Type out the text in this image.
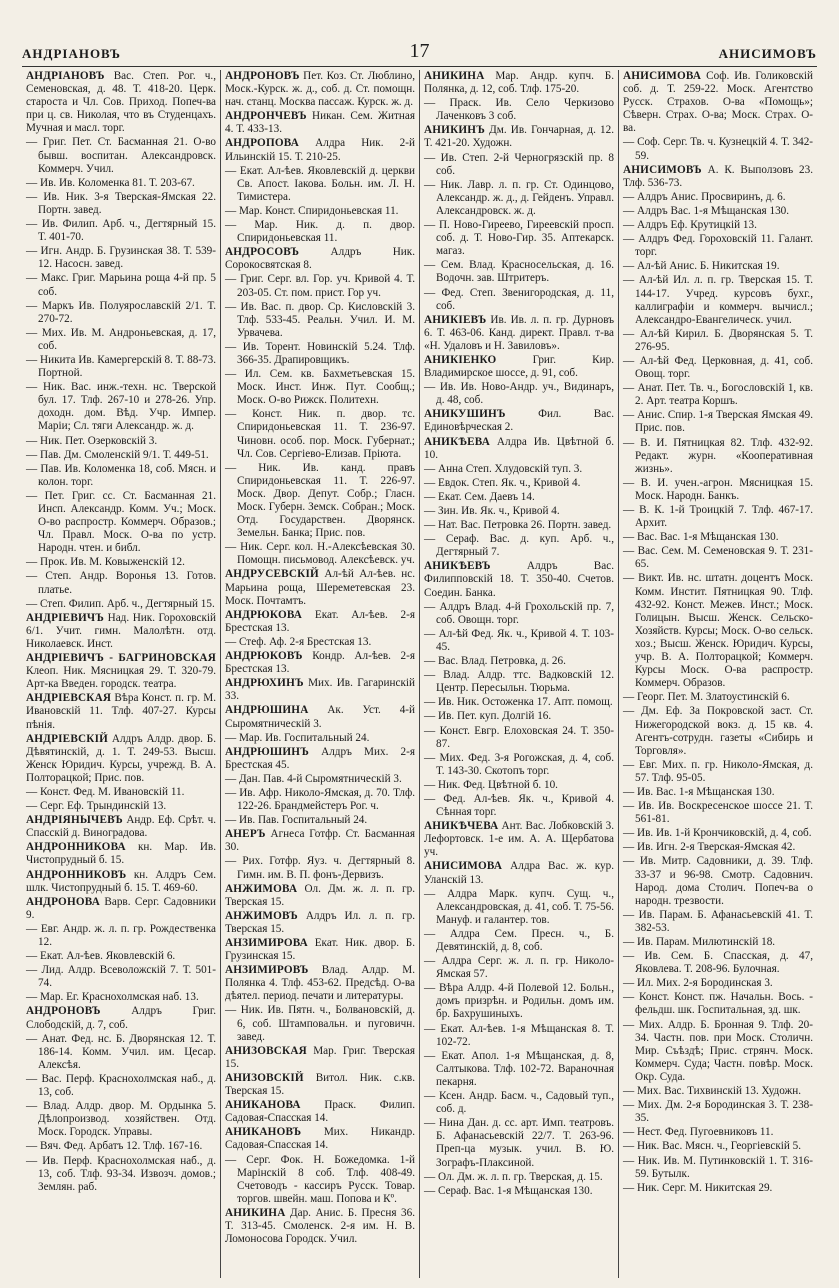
АНДРІАНОВЪ	17	АНИСИМОВЪ
АНДРІАНОВЪ Вас. Степ. Рог. ч., Семеновская, д. 48. Т. 418-20. Церк. староста и Чл. Сов. Приход. Попеч-ва при ц. св. Николая, что въ Студенцахъ. Мучная и масл. торг.
— Григ. Пет. Ст. Басманная 21. О-во бывш. воспитан. Александровск. Коммерч. Учил.
— Ив. Ив. Коломенка 81. Т. 203-67.
— Ив. Ник. 3-я Тверская-Ямская 22. Портн. завед.
— Ив. Филип. Арб. ч., Дегтярный 15. Т. 401-70.
— Игн. Андр. Б. Грузинская 38. Т. 539-12. Насосн. завед.
— Макс. Григ. Марьина роща 4-й пр. 5 соб.
— Маркъ Ив. Полуярославскій 2/1. Т. 270-72.
— Мих. Ив. М. Андроньевская, д. 17, соб.
— Никита Ив. Камергерскій 8. Т. 88-73. Портной.
— Ник. Вас. инж.-техн. нс. Тверской бул. 17. Тлф. 267-10 и 278-26. Упр. доходн. дом. Вѣд. Учр. Импер. Маріи; Сл. тяги Александр. ж. д.
— Ник. Пет. Озерковскій 3.
— Пав. Дм. Смоленскій 9/1. Т. 449-51.
— Пав. Ив. Коломенка 18, соб. Мясн. и колон. торг.
— Пет. Григ. сс. Ст. Басманная 21. Инсп. Александр. Комм. Уч.; Моск. О-во распростр. Коммерч. Образов.; Чл. Правл. Моск. О-ва по устр. Народн. чтен. и библ.
— Прок. Ив. М. Ковыженскій 12.
— Степ. Андр. Воронья 13. Готов. платье.
— Степ. Филип. Арб. ч., Дегтярный 15.
АНДРІЕВИЧЪ Над. Ник. Гороховскій 6/1. Учит. гимн. Малолѣтн. отд. Николаевск. Инст.
АНДРІЕВИЧЪ - БАГРИНОВСКАЯ Клеоп. Ник. Мясницкая 29. Т. 320-79. Арт-ка Введен. городск. театра.
АНДРІЕВСКАЯ Вѣра Конст. п. гр. М. Ивановскій 11. Тлф. 407-27. Курсы пѣнія.
АНДРІЕВСКІЙ Алдръ Алдр. двор. Б. Дѣвятинскій, д. 1. Т. 249-53. Высш. Женск Юридич. Курсы, учрежд. В. А. Полторацкой; Прис. пов.
— Конст. Фед. М. Ивановскій 11.
— Серг. Еф. Трындинскій 13.
АНДРІЯНЫЧЕВЪ Андр. Еф. Срѣт. ч. Спасскій д. Виноградова.
АНДРОННИКОВА кн. Мар. Ив. Чистопрудный б. 15.
АНДРОННИКОВЪ кн. Алдръ Сем. шлк. Чистопрудный б. 15. Т. 469-60.
АНДРОНОВА Варв. Серг. Садовники 9.
— Евг. Андр. ж. л. п. гр. Рождественка 12.
— Екат. Ал-ѣев. Яковлевскій 6.
— Лид. Алдр. Всеволожскій 7. Т. 501-74.
— Мар. Ег. Краснохолмская наб. 13.
АНДРОНОВЪ	Алдръ Григ. Слободскій, д. 7, соб.
— Анат. Фед. нс. Б. Дворянская 12. Т. 186-14. Комм. Учил. им. Цесар. Алексѣя.
— Вас. Перф. Краснохолмская наб., д. 13, соб.
— Влад. Алдр. двор. М. Ордынка 5. Дѣлопроизвод. хозяйствен. Отд. Моск. Городск. Управы.
— Вяч. Фед. Арбатъ 12. Тлф. 167-16.
— Ив. Перф. Краснохолмская наб., д. 13, соб. Тлф. 93-34. Извозч. домов.; Землян. раб.
АНДРОНОВЪ Пет. Коз. Ст. Люблино, Моск.-Курск. ж. д., соб. д. Ст. помощн. нач. станц. Москва пассаж. Курск. ж. д.
АНДРОНЧЕВЪ Никан. Сем. Житная 4. Т. 433-13.
АНДРОПОВА Алдра Ник. 2-й Ильинскій 15. Т. 210-25.
— Екат. Ал-ѣев. Яковлевскій д. церкви Св. Апост. Іакова. Больн. им. Л. Н. Тимистера.
— Мар. Конст. Спиридоньевская 11.
— Мар. Ник. д. п. двор. Спиридоньевская 11.
АНДРОСОВЪ	Алдръ Ник. Сорокосвятская 8.
— Григ. Серг. вл. Гор. уч. Кривой 4. Т. 203-05. Ст. пом. прист. Гор уч.
— Ив. Вас. п. двор. Ср. Кисловскій 3. Тлф. 533-45. Реальн. Учил. И. М. Урвачева.
— Ив. Торент. Новинскій 5.24. Тлф. 366-35. Драпировщикъ.
— Ил. Сем. кв. Бахметьевская 15. Моск. Инст. Инж. Пут. Сообщ.; Моск. О-во Рижск. Политехн.
— Конст. Ник. п. двор. тс. Спиридоньевская 11. Т. 236-97. Чиновн. особ. пор. Моск. Губернат.; Чл. Сов. Сергіево-Елизав. Пріюта.
— Ник. Ив. канд. правъ Спиридоньевская 11. Т. 226-97. Моск. Двор. Депут. Собр.; Гласн. Моск. Губерн. Земск. Собран.; Моск. Отд. Государствен. Дворянск. Земельн. Банка; Прис. пов.
— Ник. Серг. кол. Н.-Алексѣевская 30. Помощн. письмовод. Алексѣевск. уч.
АНДРУСЕВСКІЙ Ал-ѣй Ал-ѣев. нс. Марьина роща, Шереметевская 23. Моск. Почтамтъ.
АНДРЮКОВА Екат. Ал-ѣев. 2-я Брестская 13.
— Стеф. Аф. 2-я Брестская 13.
АНДРЮКОВЪ Кондр. Ал-ѣев. 2-я Брестская 13.
АНДРЮХИНЪ Мих. Ив. Гагаринскій 33.
АНДРЮШИНА Ак. Уст. 4-й Сыромятническій 3.
— Мар. Ив. Госпитальный 24.
АНДРЮШИНЪ Алдръ Мих. 2-я Брестская 45.
— Дан. Пав. 4-й Сыромятническій 3.
— Ив. Афр. Николо-Ямская, д. 70. Тлф. 122-26. Брандмейстеръ Рог. ч.
— Ив. Пав. Госпитальный 24.
АНЕРЪ Агнеса Готфр. Ст. Басманная 30.
— Рих. Готфр. Яуз. ч. Дегтярный 8. Гимн. им. В. П. фонъ-Дервизъ.
АНЖИМОВА Ол. Дм. ж. л. п. гр. Тверская 15.
АНЖИМОВЪ Алдръ Ил. л. п. гр. Тверская 15.
АНЗИМИРОВА Екат. Ник. двор. Б. Грузинская 15.
АНЗИМИРОВЪ Влад. Алдр. М. Полянка 4. Тлф. 453-62. Предсѣд. О-ва дѣятел. период. печати и литературы.
— Ник. Ив. Пятн. ч., Болвановскій, д. 6, соб. Штамповальн. и пуговичн. завед.
АНИЗОВСКАЯ Мар. Григ. Тверская 15.
АНИЗОВСКІЙ Витол. Ник. с.кв. Тверская 15.
АНИКАНОВА Праск. Филип. Садовая-Спасская 14.
АНИКАНОВЪ Мих. Никандр. Садовая-Спасская 14.
— Серг. Фок. Н. Божедомка. 1-й Марінскій 8 соб. Тлф. 408-49. Счетоводъ - кассиръ Русск. Товар. торгов. швейн. маш. Попова и Кº.
АНИКИНА Дар. Анис. Б. Пресня 36. Т. 313-45. Смоленск. 2-я им. Н. В. Ломоносова Городск. Учил.
АНИКИНА Мар. Андр. купч. Б. Полянка, д. 12, соб. Тлф. 175-20.
— Праск. Ив. Село Черкизово Лаченковъ 3 соб.
АНИКИНЪ Дм. Ив. Гончарная, д. 12. Т. 421-20. Художн.
— Ив. Степ. 2-й Черногрязскій пр. 8 соб.
— Ник. Лавр. л. п. гр. Ст. Одинцово, Александр. ж. д., д. Гейденъ. Управл. Александровск. ж. д.
— П. Ново-Гиреево, Гиреевскій просп. соб. д. Т. Ново-Гир. 35. Аптекарск. магаз.
— Сем. Влад. Красносельская, д. 16. Водочн. зав. Штритеръ.
— Фед. Степ. Звенигородская, д. 11, соб.
АНИКІЕВЪ Ив. Ив. л. п. гр. Дурновъ 6. Т. 463-06. Канд. директ. Правл. т-ва «Н. Удаловъ и Н. Завиловъ».
АНИКІЕНКО	Григ. Кир. Владимирское шоссе, д. 91, соб.
— Ив. Ив. Ново-Андр. уч., Видинаръ, д. 48, соб.
АНИКУШИНЪ	Фил. Вас. Единовѣрческая 2.
АНИКѢЕВА Алдра Ив. Цвѣтной б. 10.
— Анна Степ. Хлудовскій туп. 3.
— Евдок. Степ. Як. ч., Кривой 4.
— Екат. Сем. Даевъ 14.
— Зин. Ив. Як. ч., Кривой 4.
— Нат. Вас. Петровка 26. Портн. завед.
— Сераф. Вас. д. куп. Арб. ч., Дегтярный 7.
АНИКѢЕВЪ	Алдръ Вас. Филипповскій 18. Т. 350-40. Счетов. Соедин. Банка.
— Алдръ Влад. 4-й Грохольскій пр. 7, соб. Овощн. торг.
— Ал-ѣй Фед. Як. ч., Кривой 4. Т. 103-45.
— Вас. Влад. Петровка, д. 26.
— Влад. Алдр. ттс. Вадковскій 12. Центр. Пересыльн. Тюрьма.
— Ив. Ник. Остоженка 17. Апт. помощ.
— Ив. Пет. куп. Долгій 16.
— Конст. Евгр. Елоховская 24. Т. 350-87.
— Мих. Фед. 3-я Рогожская, д. 4, соб. Т. 143-30. Скотопъ торг.
— Ник. Фед. Цвѣтной б. 10.
— Фед. Ал-ѣев. Як. ч., Кривой 4. Сѣнная торг.
АНИКѢЧЕВА Ант. Вас. Лобковскій 3. Лефортовск. 1-е им. А. А. Щербатова уч.
АНИСИМОВА Алдра Вас. ж. кур. Уланскій 13.
— Алдра Марк. купч. Сущ. ч., Александровская, д. 41, соб. Т. 75-56. Мануф. и галантер. тов.
— Алдра Сем. Пресн. ч., Б. Девятинскій, д. 8, соб.
— Алдра Серг. ж. л. п. гр. Николо-Ямская 57.
— Вѣра Алдр. 4-й Полевой 12. Больн., домъ призрѣн. и Родильн. домъ им. бр. Бахрушиныхъ.
— Екат. Ал-ѣев. 1-я Мѣщанская 8. Т. 102-72.
— Екат. Апол. 1-я Мѣщанская, д. 8, Салтыкова. Тлф. 102-72. Вараночная пекарня.
— Ксен. Андр. Басм. ч., Садовый туп., соб. д.
— Нина Дан. д. сс. арт. Имп. театровъ. Б. Афанасьевскій 22/7. Т. 263-96. Преп-ца музык. учил. В. Ю. Зографъ-Плаксиной.
— Ол. Дм. ж. л. п. гр. Тверская, д. 15.
— Сераф. Вас. 1-я Мѣщанская 130.
АНИСИМОВА Соф. Ив. Голиковскій соб. д. Т. 259-22. Моск. Агентство Русск. Страхов. О-ва «Помощь»; Сѣверн. Страх. О-ва; Моск. Страх. О-ва.
— Соф. Серг. Тв. ч. Кузнецкій 4. Т. 342-59.
АНИСИМОВЪ А. К. Выползовъ 23. Тлф. 536-73.
— Алдръ Анис. Просвиринъ, д. 6.
— Алдръ Вас. 1-я Мѣщанская 130.
— Алдръ Еф. Крутицкій 13.
— Алдръ Фед. Гороховскій 11. Галант. торг.
— Ал-ѣй Анис. Б. Никитская 19.
— Ал-ѣй Ил. л. п. гр. Тверская 15. Т. 144-17. Учред. курсовъ бухг., каллиграфіи и коммерч. вычисл.; Александро-Евангелическ. учил.
— Ал-ѣй Кирил. Б. Дворянская 5. Т. 276-95.
— Ал-ѣй Фед. Церковная, д. 41, соб. Овощ. торг.
— Анат. Пет. Тв. ч., Богословскій 1, кв. 2. Арт. театра Коршъ.
— Анис. Спир. 1-я Тверская Ямская 49. Прис. пов.
— В. И. Пятницкая 82. Тлф. 432-92. Редакт. журн. «Кооперативная жизнь».
— В. И. учен.-агрон. Мясницкая 15. Моск. Народн. Банкъ.
— В. К. 1-й Троицкій 7. Тлф. 467-17. Архит.
— Вас. Вас. 1-я Мѣщанская 130.
— Вас. Сем. М. Семеновская 9. Т. 231-65.
— Викт. Ив. нс. штатн. доцентъ Моск. Комм. Инстит. Пятницкая 90. Тлф. 432-92. Конст. Межев. Инст.; Моск. Голицын. Высш. Женск. Сельско-Хозяйств. Курсы; Моск. О-во сельск. хоз.; Высш. Женск. Юридич. Курсы, учр. В. А. Полторацкой; Коммерч. Курсы Моск. О-ва распростр. Коммерч. Образов.
— Георг. Пет. М. Златоустинскій 6.
— Дм. Еф. За Покровской заст. Ст. Нижегородской вокз. д. 15 кв. 4. Агентъ-сотрудн. газеты «Сибирь и Торговля».
— Евг. Мих. п. гр. Николо-Ямская, д. 57. Тлф. 95-05.
— Ив. Вас. 1-я Мѣщанская 130.
— Ив. Ив. Воскресенское шоссе 21. Т. 561-81.
— Ив. Ив. 1-й Крончиковскій, д. 4, соб.
— Ив. Игн. 2-я Тверская-Ямская 42.
— Ив. Митр. Садовники, д. 39. Тлф. 33-37 и 96-98. Смотр. Садовнич. Народ. дома Столич. Попеч-ва о народн. трезвости.
— Ив. Парам. Б. Афанасьевскій 41. Т. 382-53.
— Ив. Парам. Милютинскій 18.
— Ив. Сем. Б. Спасская, д. 47, Яковлева. Т. 208-96. Булочная.
— Ил. Мих. 2-я Бородинская 3.
— Конст. Конст. пж. Начальн. Вось. - фельдш. шк. Госпитальная, зд. шк.
— Мих. Алдр. Б. Бронная 9. Тлф. 20-34. Частн. пов. при Моск. Столичн. Мир. Съѣздѣ; Прис. стрянч. Моск. Коммерч. Суда; Частн. повѣр. Моск. Окр. Суда.
— Мих. Вас. Тихвинскій 13. Художн.
— Мих. Дм. 2-я Бородинская 3. Т. 238-35.
— Нест. Фед. Пугоевниковъ 11.
— Ник. Вас. Мясн. ч., Георгіевскій 5.
— Ник. Ив. М. Путинковскій 1. Т. 316-59. Бутылк.
— Ник. Серг. М. Никитская 29.
